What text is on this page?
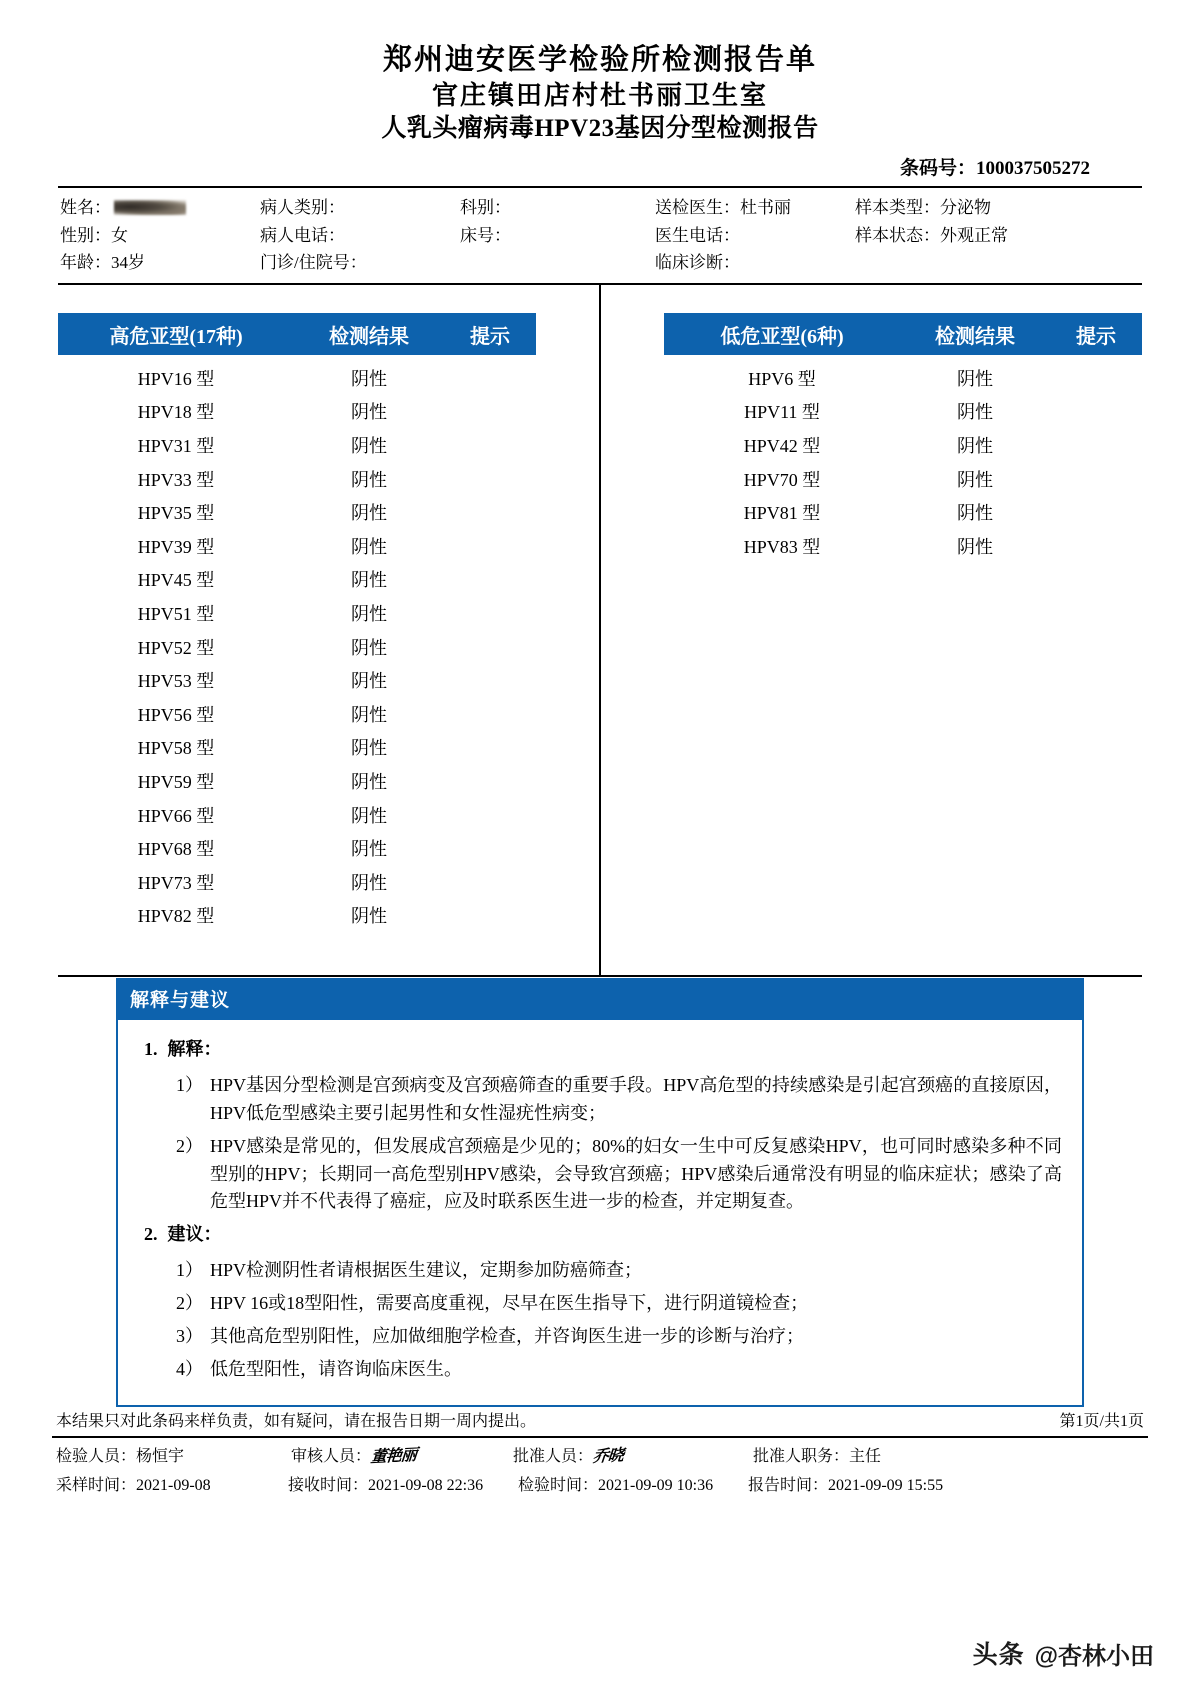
郑州迪安医学检验所检测报告单
官庄镇田店村杜书丽卫生室
人乳头瘤病毒HPV23基因分型检测报告
条码号：100037505272
姓名：	病人类别：	科别：	送检医生：杜书丽	样本类型：分泌物
性别：女	病人电话：	床号：	医生电话：	样本状态：外观正常
年龄：34岁	门诊/住院号：	临床诊断：
高危亚型(17种)	检测结果	提示
HPV16 型	阴性
HPV18 型	阴性
HPV31 型	阴性
HPV33 型	阴性
HPV35 型	阴性
HPV39 型	阴性
HPV45 型	阴性
HPV51 型	阴性
HPV52 型	阴性
HPV53 型	阴性
HPV56 型	阴性
HPV58 型	阴性
HPV59 型	阴性
HPV66 型	阴性
HPV68 型	阴性
HPV73 型	阴性
HPV82 型	阴性
低危亚型(6种)	检测结果	提示
HPV6 型	阴性
HPV11 型	阴性
HPV42 型	阴性
HPV70 型	阴性
HPV81 型	阴性
HPV83 型	阴性
解释与建议
1. 解释：
1） HPV基因分型检测是宫颈病变及宫颈癌筛查的重要手段。HPV高危型的持续感染是引起宫颈癌的直接原因，HPV低危型感染主要引起男性和女性湿疣性病变；
2） HPV感染是常见的，但发展成宫颈癌是少见的；80%的妇女一生中可反复感染HPV，也可同时感染多种不同型别的HPV；长期同一高危型别HPV感染，会导致宫颈癌；HPV感染后通常没有明显的临床症状；感染了高危型HPV并不代表得了癌症，应及时联系医生进一步的检查，并定期复查。
2. 建议：
1） HPV检测阴性者请根据医生建议，定期参加防癌筛查；
2） HPV 16或18型阳性，需要高度重视，尽早在医生指导下，进行阴道镜检查；
3） 其他高危型别阳性，应加做细胞学检查，并咨询医生进一步的诊断与治疗；
4） 低危型阳性，请咨询临床医生。
本结果只对此条码来样负责，如有疑问，请在报告日期一周内提出。	第1页/共1页
检验人员：杨恒宇	审核人员：董艳丽	批准人员：乔晓	批准人职务：主任
采样时间：2021-09-08	接收时间：2021-09-08 22:36	检验时间：2021-09-09 10:36	报告时间：2021-09-09 15:55
头条 @杏林小田
